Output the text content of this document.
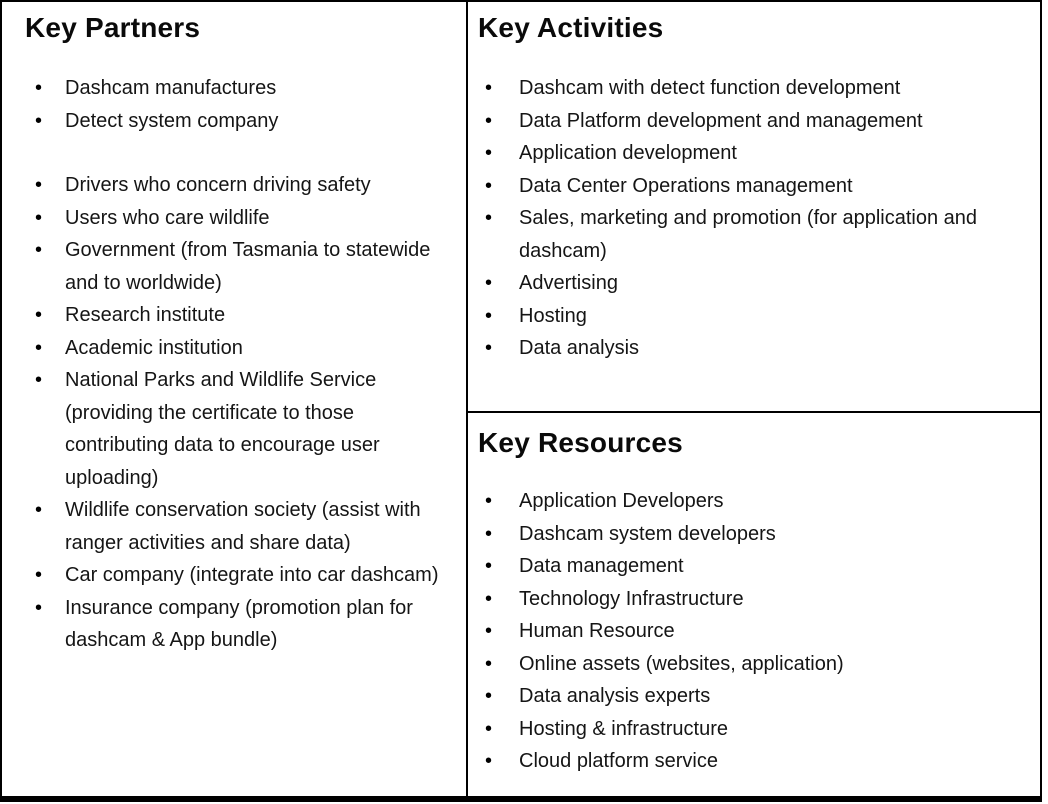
Key Partners
• Dashcam manufactures
• Detect system company
• Drivers who concern driving safety
• Users who care wildlife
• Government (from Tasmania to statewide and to worldwide)
• Research institute
• Academic institution
• National Parks and Wildlife Service (providing the certificate to those contributing data to encourage user uploading)
• Wildlife conservation society (assist with ranger activities and share data)
• Car company (integrate into car dashcam)
• Insurance company (promotion plan for dashcam & App bundle)
Key Activities
• Dashcam with detect function development
• Data Platform development and management
• Application development
• Data Center Operations management
• Sales, marketing and promotion (for application and dashcam)
• Advertising
• Hosting
• Data analysis
Key Resources
• Application Developers
• Dashcam system developers
• Data management
• Technology Infrastructure
• Human Resource
• Online assets (websites, application)
• Data analysis experts
• Hosting & infrastructure
• Cloud platform service
